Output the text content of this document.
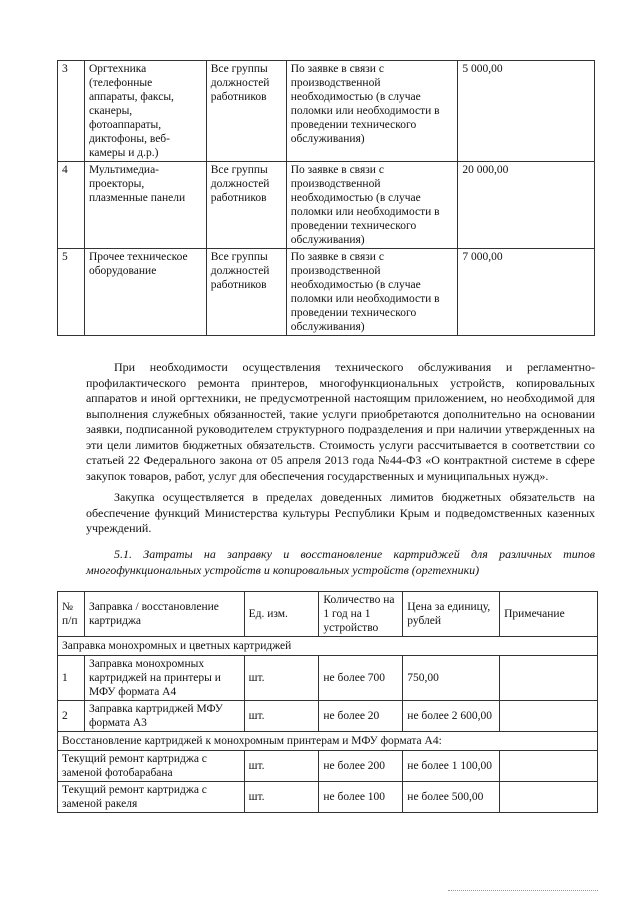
3	Оргтехника (телефонные аппараты, факсы, сканеры, фотоаппараты, диктофоны, веб-камеры и д.р.)	Все группы должностей работников	По заявке в связи с производственной необходимостью (в случае поломки или необходимости в проведении технического обслуживания)	5 000,00
4	Мультимедиа-проекторы, плазменные панели	Все группы должностей работников	По заявке в связи с производственной необходимостью (в случае поломки или необходимости в проведении технического обслуживания)	20 000,00
5	Прочее техническое оборудование	Все группы должностей работников	По заявке в связи с производственной необходимостью (в случае поломки или необходимости в проведении технического обслуживания)	7 000,00

При необходимости осуществления технического обслуживания и регламентно-профилактического ремонта принтеров, многофункциональных устройств, копировальных аппаратов и иной оргтехники, не предусмотренной настоящим приложением, но необходимой для выполнения служебных обязанностей, такие услуги приобретаются дополнительно на основании заявки, подписанной руководителем структурного подразделения и при наличии утвержденных на эти цели лимитов бюджетных обязательств. Стоимость услуги рассчитывается в соответствии со статьей 22 Федерального закона от 05 апреля 2013 года №44-ФЗ «О контрактной системе в сфере закупок товаров, работ, услуг для обеспечения государственных и муниципальных нужд».

Закупка осуществляется в пределах доведенных лимитов бюджетных обязательств на обеспечение функций Министерства культуры Республики Крым и подведомственных казенных учреждений.

5.1. Затраты на заправку и восстановление картриджей для различных типов многофункциональных устройств и копировальных устройств (оргтехники)

№ п/п	Заправка / восстановление картриджа	Ед. изм.	Количество на 1 год на 1 устройство	Цена за единицу, рублей	Примечание
Заправка монохромных и цветных картриджей					
1	Заправка монохромных картриджей на принтеры и МФУ формата А4	шт.	не более 700	750,00	
2	Заправка картриджей МФУ формата А3	шт.	не более 20	не более 2 600,00	
Восстановление картриджей к монохромным принтерам и МФУ формата А4:					
Текущий ремонт картриджа с заменой фотобарабана		шт.	не более 200	не более 1 100,00	
Текущий ремонт картриджа с заменой ракеля		шт.	не более 100	не более 500,00	
